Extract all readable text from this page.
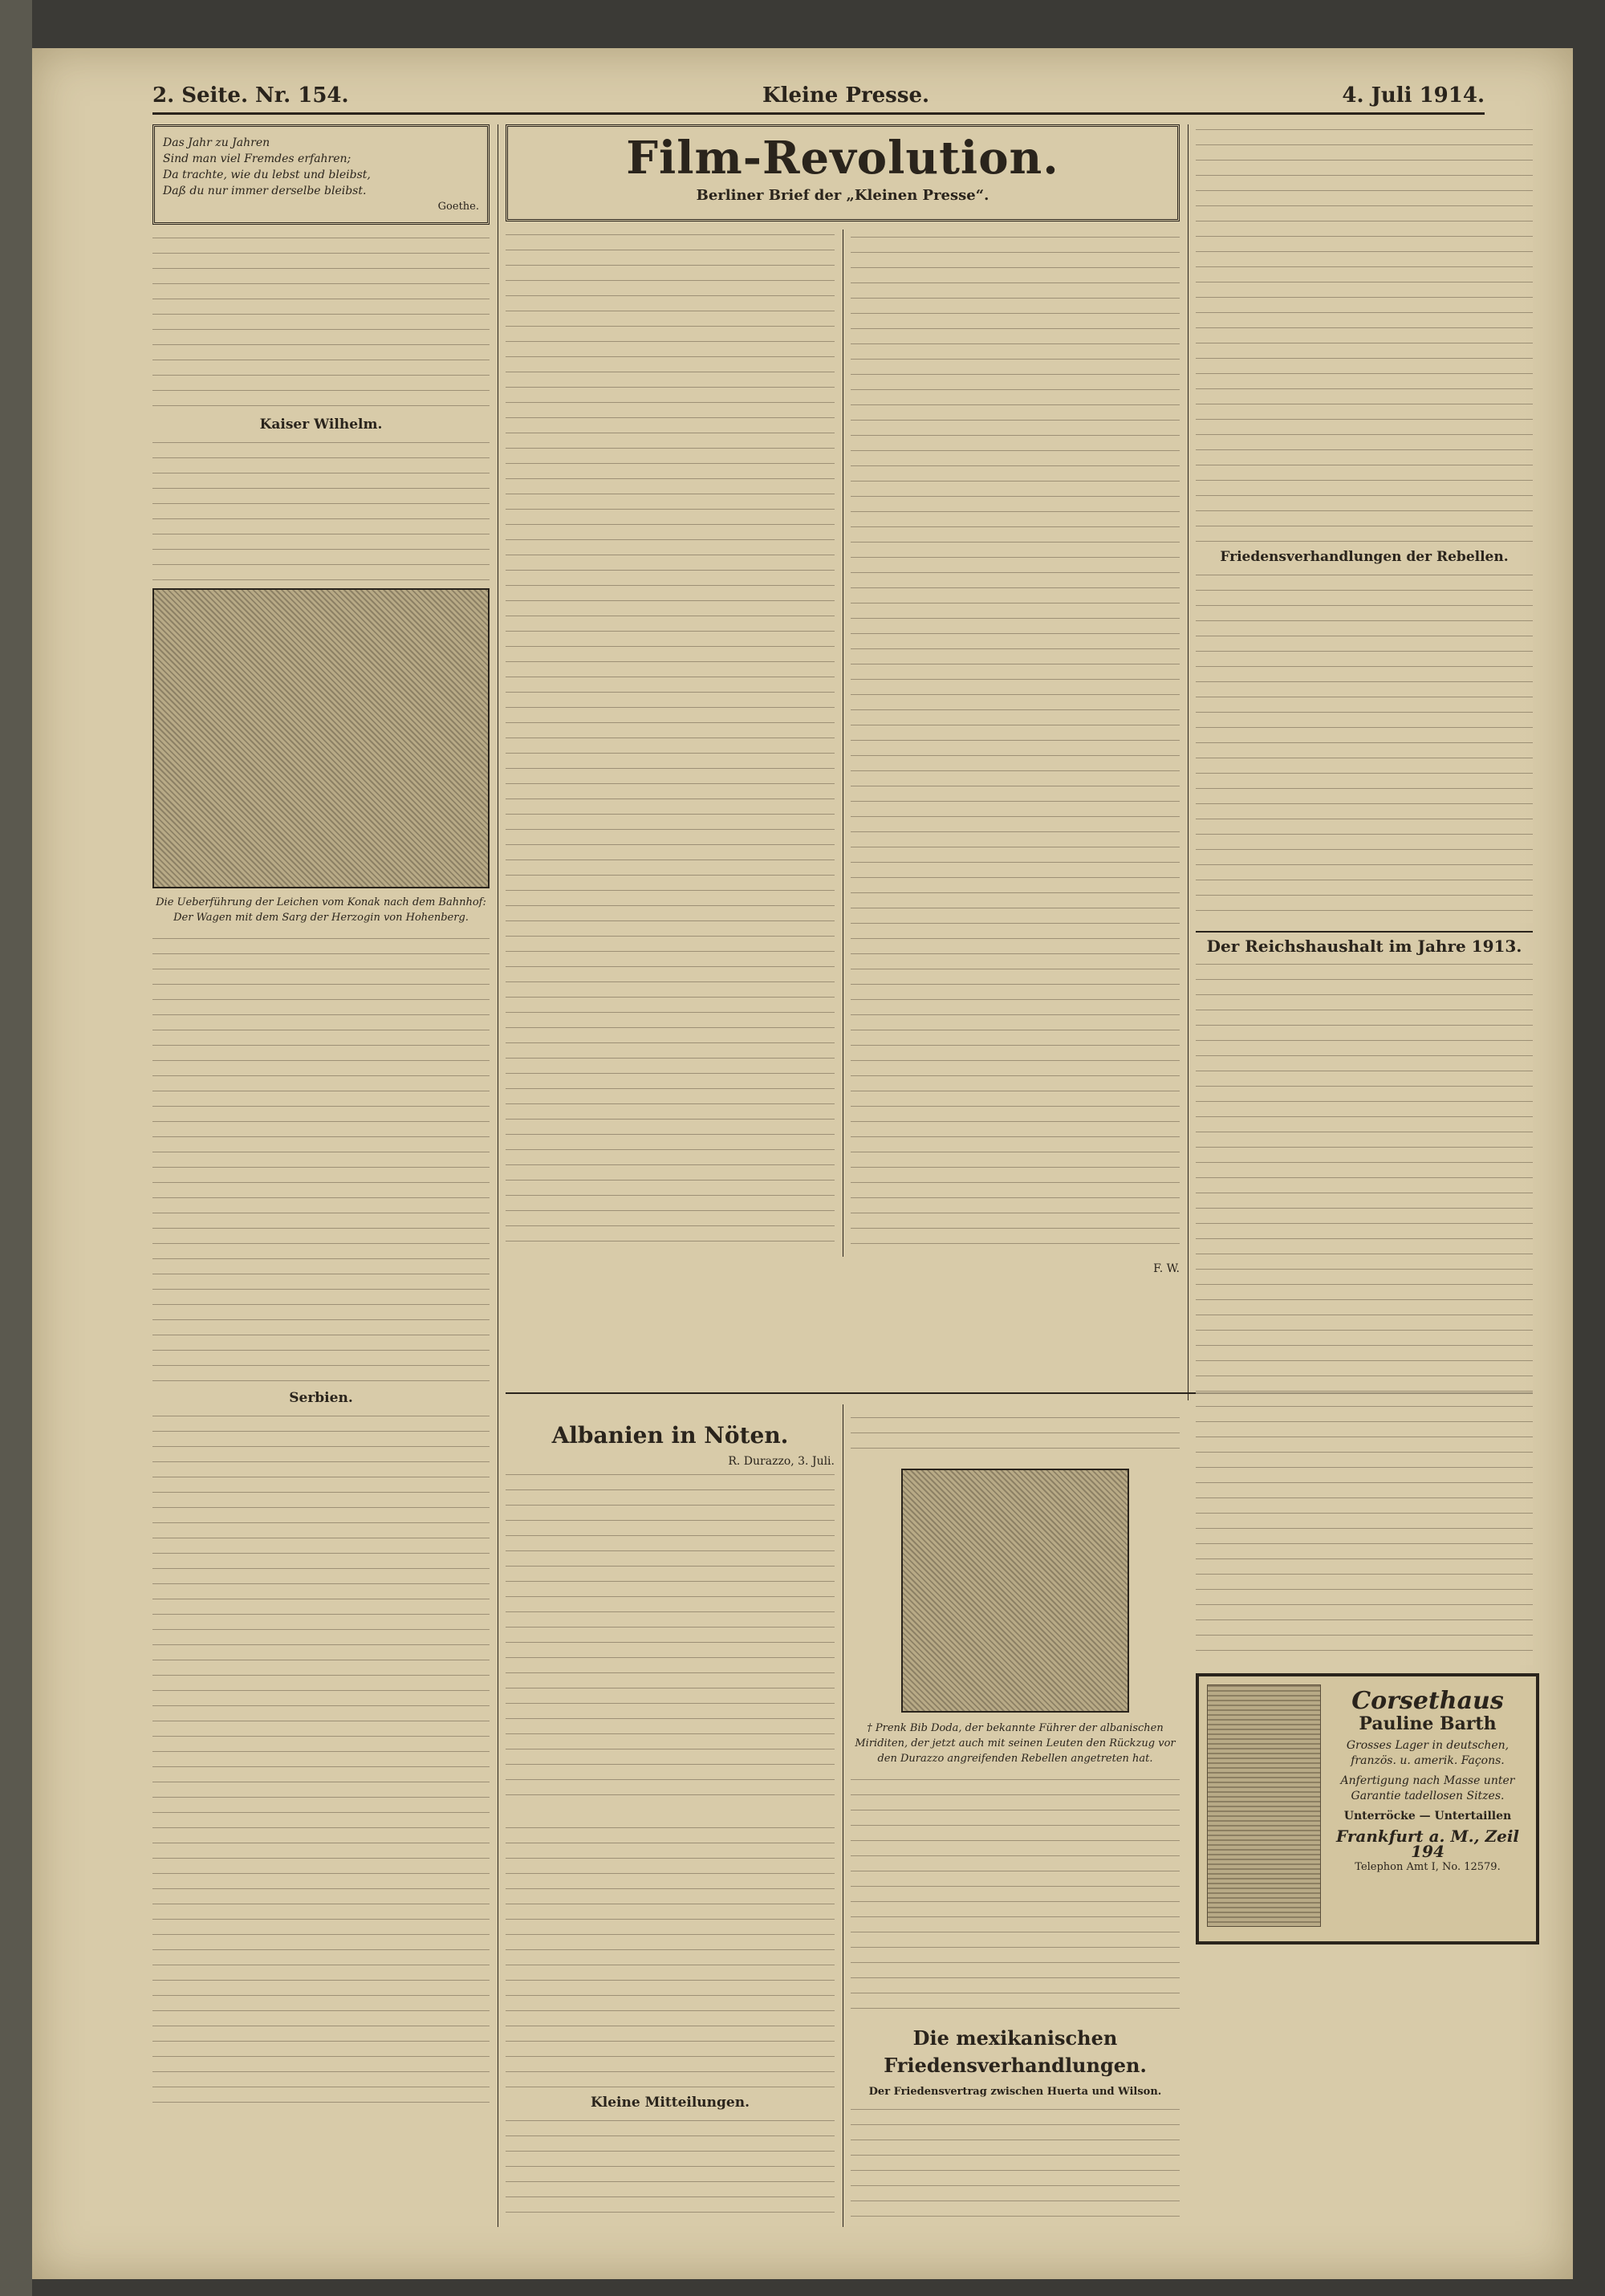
2. Seite. Nr. 154.	Kleine Presse.	4. Juli 1914.
Das Jahr zu Jahren
Sind man viel Fremdes erfahren;
Da trachte, wie du lebst und bleibst,
Daß du nur immer derselbe bleibst.
Goethe.
Kaiser Wilhelm.
Die Ueberführung der Leichen vom Konak nach dem Bahnhof: Der Wagen mit dem Sarg der Herzogin von Hohenberg.
Serbien.
Film-Revolution.
Berliner Brief der „Kleinen Presse“.
F. W.
Albanien in Nöten.
R. Durazzo, 3. Juli.
Kleine Mitteilungen.
† Prenk Bib Doda, der bekannte Führer der albanischen Miriditen, der jetzt auch mit seinen Leuten den Rückzug vor den Durazzo angreifenden Rebellen angetreten hat.
Die mexikanischen Friedensverhandlungen.
Der Friedensvertrag zwischen Huerta und Wilson.
Friedensverhandlungen der Rebellen.
Der Reichshaushalt im Jahre 1913.
Corsethaus
Pauline Barth
Grosses Lager in deutschen, französ. u. amerik. Façons.
Anfertigung nach Masse unter Garantie tadellosen Sitzes.
Unterröcke — Untertaillen
Frankfurt a. M., Zeil 194
Telephon Amt I, No. 12579.
